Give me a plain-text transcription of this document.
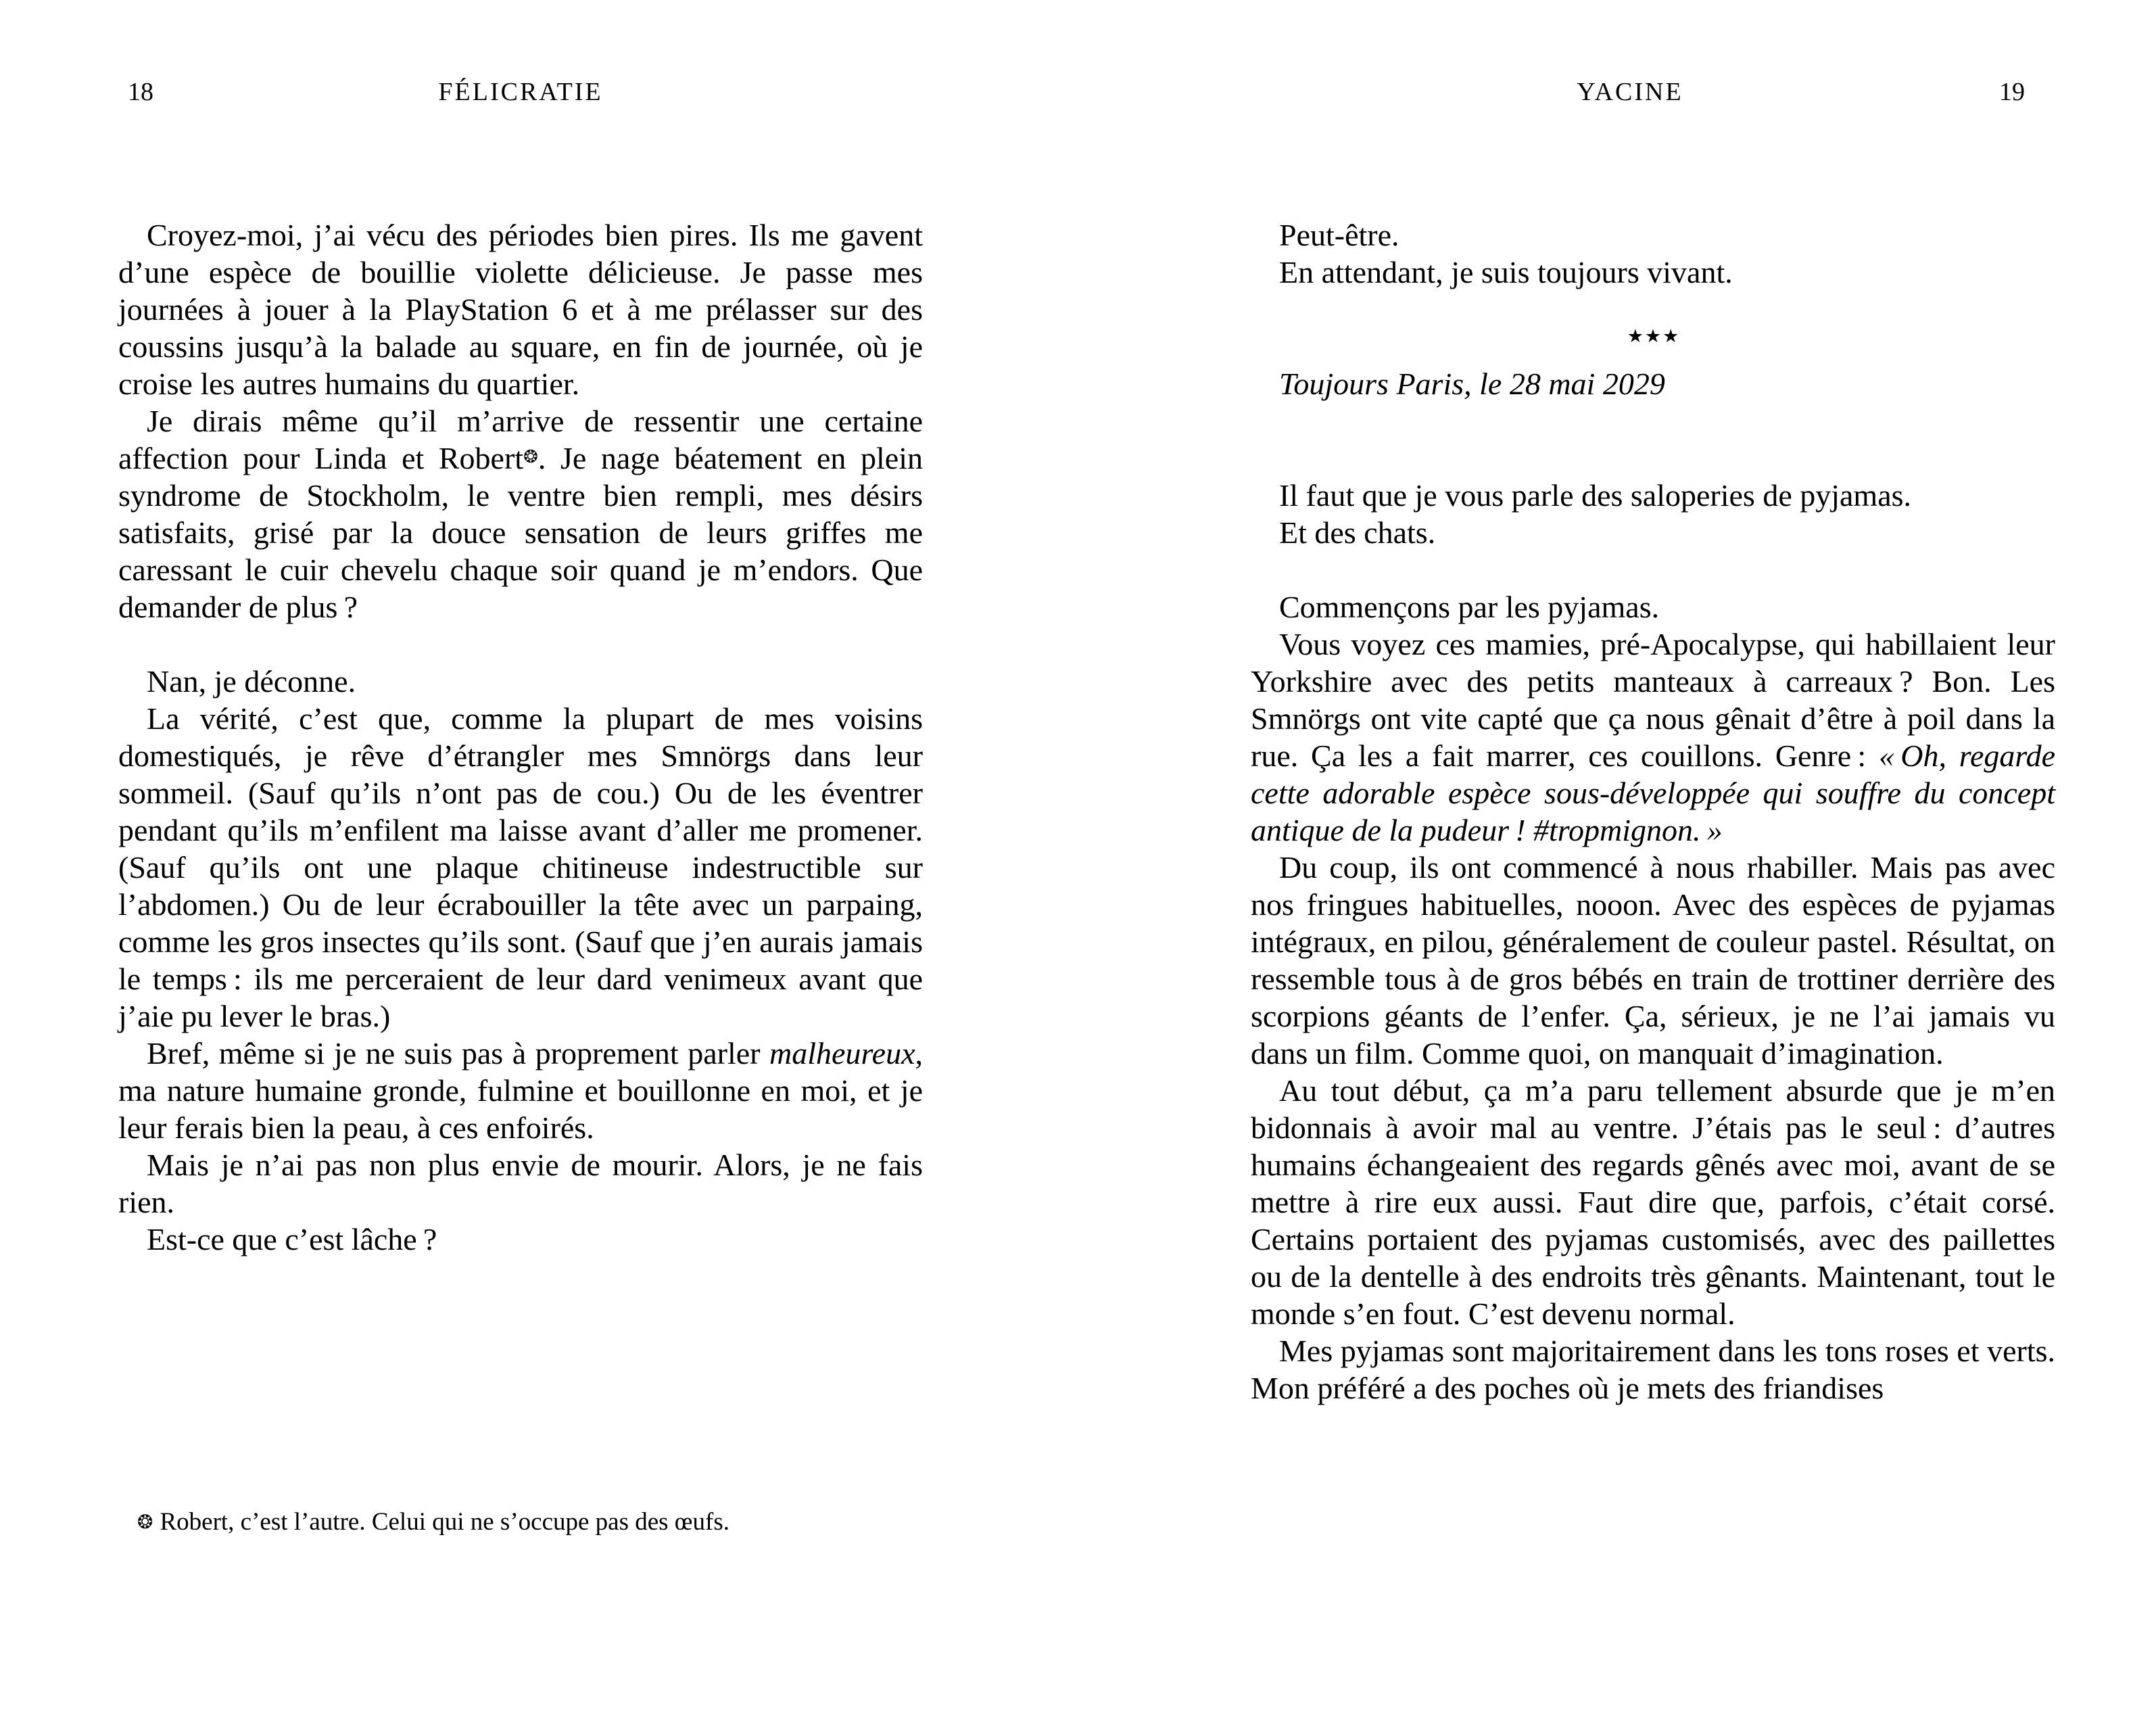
18	FÉLICRATIE	YACINE	19

Croyez-moi, j’ai vécu des périodes bien pires. Ils me gavent d’une espèce de bouillie violette délicieuse. Je passe mes journées à jouer à la PlayStation 6 et à me prélasser sur des coussins jusqu’à la balade au square, en fin de journée, où je croise les autres humains du quartier.

Je dirais même qu’il m’arrive de ressentir une certaine affection pour Linda et Robert❂. Je nage béatement en plein syndrome de Stockholm, le ventre bien rempli, mes désirs satisfaits, grisé par la douce sensation de leurs griffes me caressant le cuir chevelu chaque soir quand je m’endors. Que demander de plus ?

Nan, je déconne.

La vérité, c’est que, comme la plupart de mes voisins domestiqués, je rêve d’étrangler mes Smnörgs dans leur sommeil. (Sauf qu’ils n’ont pas de cou.) Ou de les éventrer pendant qu’ils m’enfilent ma laisse avant d’aller me promener. (Sauf qu’ils ont une plaque chitineuse indestructible sur l’abdomen.) Ou de leur écrabouiller la tête avec un parpaing, comme les gros insectes qu’ils sont. (Sauf que j’en aurais jamais le temps : ils me perceraient de leur dard venimeux avant que j’aie pu lever le bras.)

Bref, même si je ne suis pas à proprement parler malheureux, ma nature humaine gronde, fulmine et bouillonne en moi, et je leur ferais bien la peau, à ces enfoirés.

Mais je n’ai pas non plus envie de mourir. Alors, je ne fais rien.

Est-ce que c’est lâche ?

Peut-être.

En attendant, je suis toujours vivant.

★★★

Toujours Paris, le 28 mai 2029

Il faut que je vous parle des saloperies de pyjamas.

Et des chats.

Commençons par les pyjamas.

Vous voyez ces mamies, pré-Apocalypse, qui habillaient leur Yorkshire avec des petits manteaux à carreaux ? Bon. Les Smnörgs ont vite capté que ça nous gênait d’être à poil dans la rue. Ça les a fait marrer, ces couillons. Genre : « Oh, regarde cette adorable espèce sous-développée qui souffre du concept antique de la pudeur ! #tropmignon. »

Du coup, ils ont commencé à nous rhabiller. Mais pas avec nos fringues habituelles, nooon. Avec des espèces de pyjamas intégraux, en pilou, généralement de couleur pastel. Résultat, on ressemble tous à de gros bébés en train de trottiner derrière des scorpions géants de l’enfer. Ça, sérieux, je ne l’ai jamais vu dans un film. Comme quoi, on manquait d’imagination.

Au tout début, ça m’a paru tellement absurde que je m’en bidonnais à avoir mal au ventre. J’étais pas le seul : d’autres humains échangeaient des regards gênés avec moi, avant de se mettre à rire eux aussi. Faut dire que, parfois, c’était corsé. Certains portaient des pyjamas customisés, avec des paillettes ou de la dentelle à des endroits très gênants. Maintenant, tout le monde s’en fout. C’est devenu normal.

Mes pyjamas sont majoritairement dans les tons roses et verts. Mon préféré a des poches où je mets des friandises

❂ Robert, c’est l’autre. Celui qui ne s’occupe pas des œufs.
